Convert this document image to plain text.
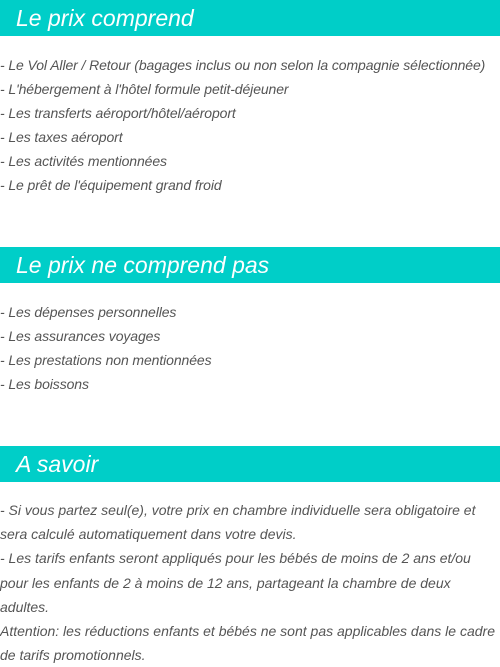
Le prix comprend
- Le Vol Aller / Retour (bagages inclus ou non selon la compagnie sélectionnée)
- L'hébergement à l'hôtel formule petit-déjeuner
- Les transferts aéroport/hôtel/aéroport
- Les taxes aéroport
- Les activités mentionnées
- Le prêt de l'équipement grand froid
Le prix ne comprend pas
- Les dépenses personnelles
- Les assurances voyages
- Les prestations non mentionnées
- Les boissons
A savoir

- Si vous partez seul(e), votre prix en chambre individuelle sera obligatoire et sera calculé automatiquement dans votre devis.

- Les tarifs enfants seront appliqués pour les bébés de moins de 2 ans et/ou pour les enfants de 2 à moins de 12 ans, partageant la chambre de deux adultes.

Attention: les réductions enfants et bébés ne sont pas applicables dans le cadre de tarifs promotionnels.
